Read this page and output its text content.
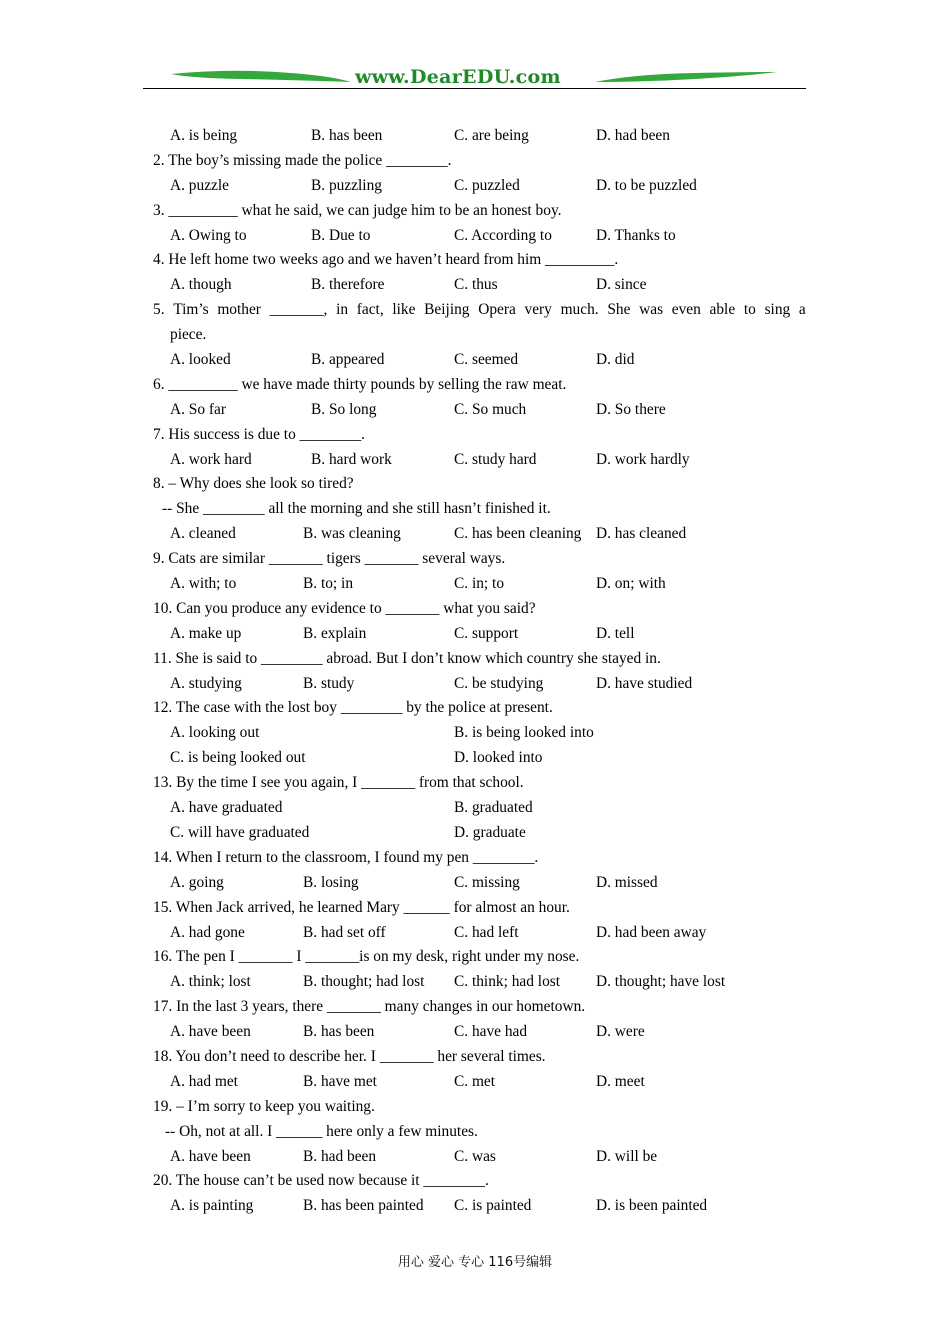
www.DearEDU.com
A. is being	B. has been	C. are being	D. had been
2. The boy’s missing made the police ________.
A. puzzle	B. puzzling	C. puzzled	D. to be puzzled
3. _________ what he said, we can judge him to be an honest boy.
A. Owing to	B. Due to	C. According to	D. Thanks to
4. He left home two weeks ago and we haven’t heard from him _________.
A. though	B. therefore	C. thus	D. since
5. Tim’s mother _______, in fact, like Beijing Opera very much. She was even able to sing a
piece.
A. looked	B. appeared	C. seemed	D. did
6. _________ we have made thirty pounds by selling the raw meat.
A. So far	B. So long	C. So much	D. So there
7. His success is due to ________.
A. work hard	B. hard work	C. study hard	D. work hardly
8. – Why does she look so tired?
-- She ________ all the morning and she still hasn’t finished it.
A. cleaned	B. was cleaning	C. has been cleaning D. has cleaned
9. Cats are similar _______ tigers _______ several ways.
A. with; to	B. to; in	C. in; to	D. on; with
10. Can you produce any evidence to _______ what you said?
A. make up	B. explain	C. support	D. tell
11. She is said to ________ abroad. But I don’t know which country she stayed in.
A. studying	B. study	C. be studying	D. have studied
12. The case with the lost boy ________ by the police at present.
A. looking out	B. is being looked into
C. is being looked out	D. looked into
13. By the time I see you again, I _______ from that school.
A. have graduated	B. graduated
C. will have graduated	D. graduate
14. When I return to the classroom, I found my pen ________.
A. going	B. losing	C. missing	D. missed
15. When Jack arrived, he learned Mary ______ for almost an hour.
A. had gone	B. had set off	C. had left	D. had been away
16. The pen I _______ I _______is on my desk, right under my nose.
A. think; lost	B. thought; had lost C. think; had lost D. thought; have lost
17. In the last 3 years, there _______ many changes in our hometown.
A. have been	B. has been	C. have had	D. were
18. You don’t need to describe her. I _______ her several times.
A. had met	B. have met	C. met	D. meet
19. – I’m sorry to keep you waiting.
-- Oh, not at all. I ______ here only a few minutes.
A. have been	B. had been	C. was	D. will be
20. The house can’t be used now because it ________.
A. is painting	B. has been painted C. is painted	D. is been painted
用心 爱心 专心 116号编辑
